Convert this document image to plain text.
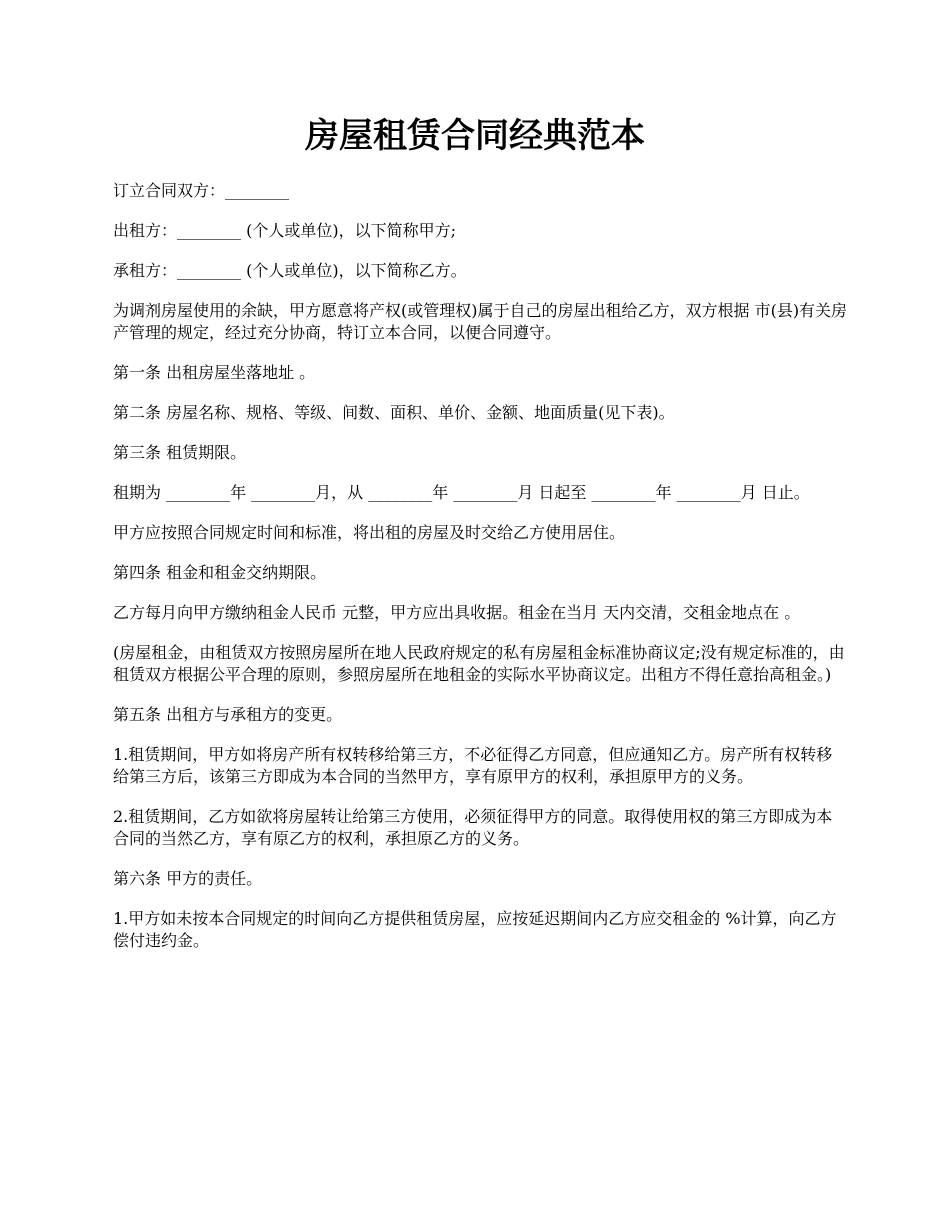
房屋租赁合同经典范本

订立合同双方：________

出租方：________ (个人或单位)，以下简称甲方;

承租方：________ (个人或单位)，以下简称乙方。

为调剂房屋使用的余缺，甲方愿意将产权(或管理权)属于自己的房屋出租给乙方，双方根据 市(县)有关房产管理的规定，经过充分协商，特订立本合同，以便合同遵守。

第一条 出租房屋坐落地址 。

第二条 房屋名称、规格、等级、间数、面积、单价、金额、地面质量(见下表)。

第三条 租赁期限。

租期为 ________年 ________月，从 ________年 ________月 日起至 ________年 ________月 日止。

甲方应按照合同规定时间和标准，将出租的房屋及时交给乙方使用居住。

第四条 租金和租金交纳期限。

乙方每月向甲方缴纳租金人民币 元整，甲方应出具收据。租金在当月 天内交清，交租金地点在 。

(房屋租金，由租赁双方按照房屋所在地人民政府规定的私有房屋租金标准协商议定;没有规定标准的，由租赁双方根据公平合理的原则，参照房屋所在地租金的实际水平协商议定。出租方不得任意抬高租金。)

第五条 出租方与承租方的变更。

1.租赁期间，甲方如将房产所有权转移给第三方，不必征得乙方同意，但应通知乙方。房产所有权转移给第三方后，该第三方即成为本合同的当然甲方，享有原甲方的权利，承担原甲方的义务。

2.租赁期间，乙方如欲将房屋转让给第三方使用，必须征得甲方的同意。取得使用权的第三方即成为本合同的当然乙方，享有原乙方的权利，承担原乙方的义务。

第六条 甲方的责任。

1.甲方如未按本合同规定的时间向乙方提供租赁房屋，应按延迟期间内乙方应交租金的 %计算，向乙方偿付违约金。
